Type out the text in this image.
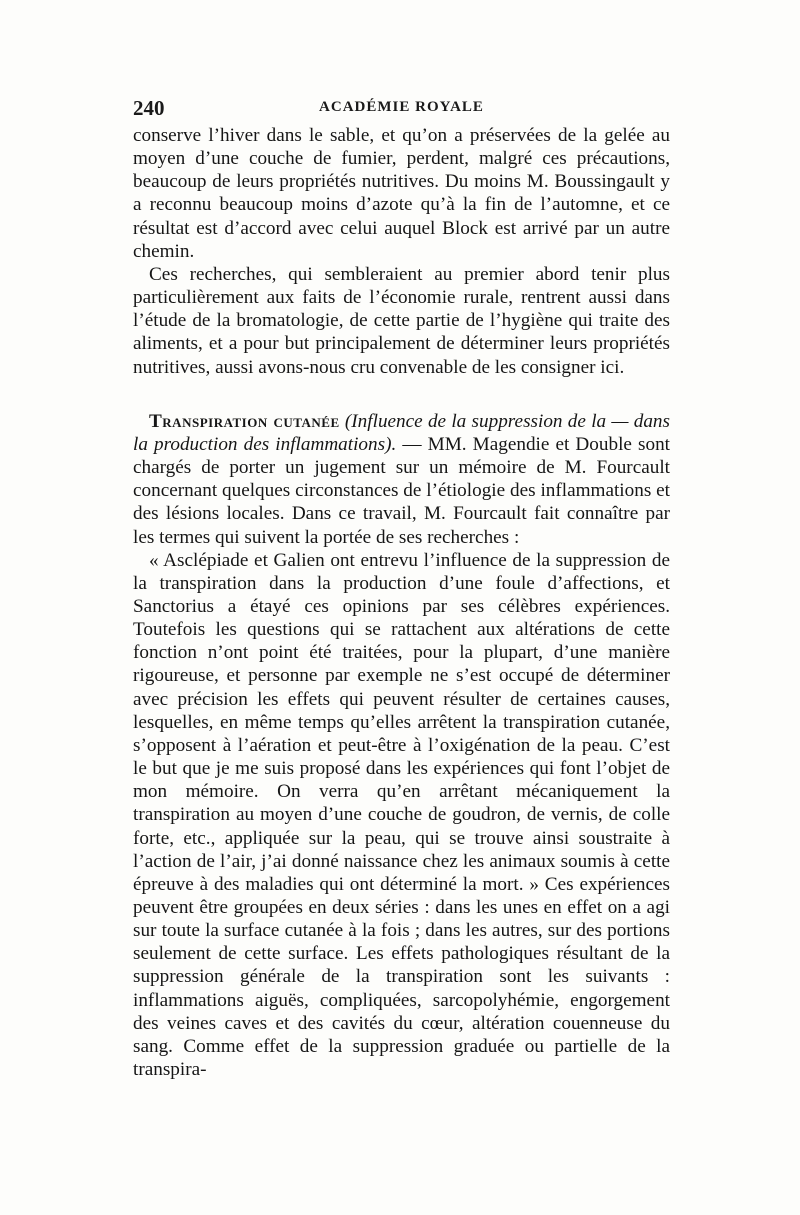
240	ACADÉMIE ROYALE

conserve l’hiver dans le sable, et qu’on a préservées de la gelée au moyen d’une couche de fumier, perdent, malgré ces précautions, beaucoup de leurs propriétés nutritives. Du moins M. Boussingault y a reconnu beaucoup moins d’azote qu’à la fin de l’automne, et ce résultat est d’accord avec celui auquel Block est arrivé par un autre chemin.

Ces recherches, qui sembleraient au premier abord tenir plus particulièrement aux faits de l’économie rurale, rentrent aussi dans l’étude de la bromatologie, de cette partie de l’hygiène qui traite des aliments, et a pour but principalement de déterminer leurs propriétés nutritives, aussi avons-nous cru convenable de les consigner ici.

Transpiration cutanée (Influence de la suppression de la — dans la production des inflammations). — MM. Magendie et Double sont chargés de porter un jugement sur un mémoire de M. Fourcault concernant quelques circonstances de l’étiologie des inflammations et des lésions locales. Dans ce travail, M. Fourcault fait connaître par les termes qui suivent la portée de ses recherches :

« Asclépiade et Galien ont entrevu l’influence de la suppression de la transpiration dans la production d’une foule d’affections, et Sanctorius a étayé ces opinions par ses célèbres expériences. Toutefois les questions qui se rattachent aux altérations de cette fonction n’ont point été traitées, pour la plupart, d’une manière rigoureuse, et personne par exemple ne s’est occupé de déterminer avec précision les effets qui peuvent résulter de certaines causes, lesquelles, en même temps qu’elles arrêtent la transpiration cutanée, s’opposent à l’aération et peut-être à l’oxigénation de la peau. C’est le but que je me suis proposé dans les expériences qui font l’objet de mon mémoire. On verra qu’en arrêtant mécaniquement la transpiration au moyen d’une couche de goudron, de vernis, de colle forte, etc., appliquée sur la peau, qui se trouve ainsi soustraite à l’action de l’air, j’ai donné naissance chez les animaux soumis à cette épreuve à des maladies qui ont déterminé la mort. » Ces expériences peuvent être groupées en deux séries : dans les unes en effet on a agi sur toute la surface cutanée à la fois ; dans les autres, sur des portions seulement de cette surface. Les effets pathologiques résultant de la suppression générale de la transpiration sont les suivants : inflammations aiguës, compliquées, sarcopolyhémie, engorgement des veines caves et des cavités du cœur, altération couenneuse du sang. Comme effet de la suppression graduée ou partielle de la transpira-
